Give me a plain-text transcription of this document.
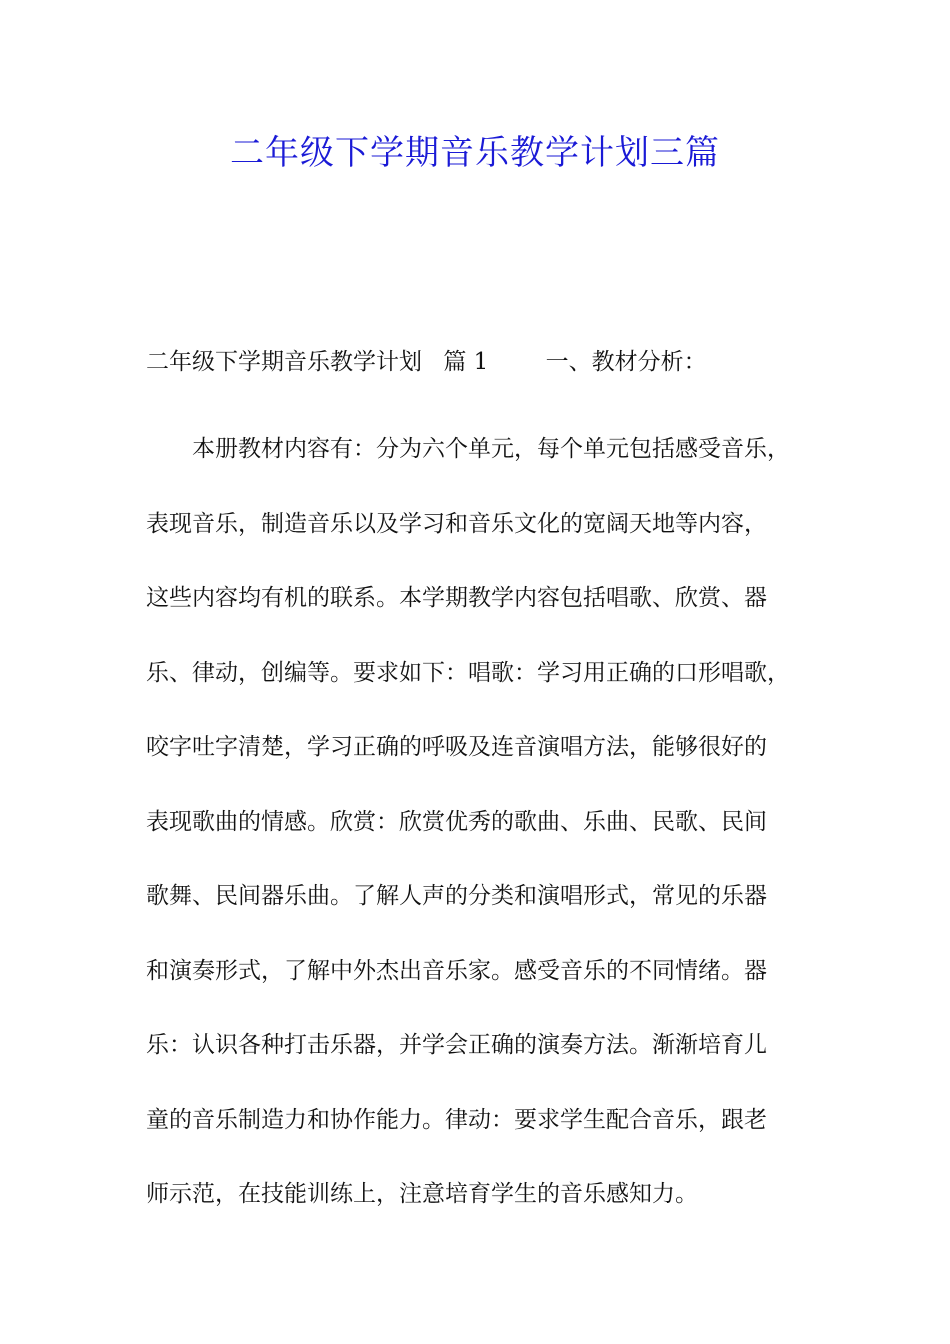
二年级下学期音乐教学计划三篇
二年级下学期音乐教学计划 篇 1 一、教材分析：
本册教材内容有：分为六个单元，每个单元包括感受音乐，
表现音乐，制造音乐以及学习和音乐文化的宽阔天地等内容，
这些内容均有机的联系。本学期教学内容包括唱歌、欣赏、器
乐、律动，创编等。要求如下：唱歌：学习用正确的口形唱歌，
咬字吐字清楚，学习正确的呼吸及连音演唱方法，能够很好的
表现歌曲的情感。欣赏：欣赏优秀的歌曲、乐曲、民歌、民间
歌舞、民间器乐曲。了解人声的分类和演唱形式，常见的乐器
和演奏形式，了解中外杰出音乐家。感受音乐的不同情绪。器
乐：认识各种打击乐器，并学会正确的演奏方法。渐渐培育儿
童的音乐制造力和协作能力。律动：要求学生配合音乐，跟老
师示范，在技能训练上，注意培育学生的音乐感知力。
